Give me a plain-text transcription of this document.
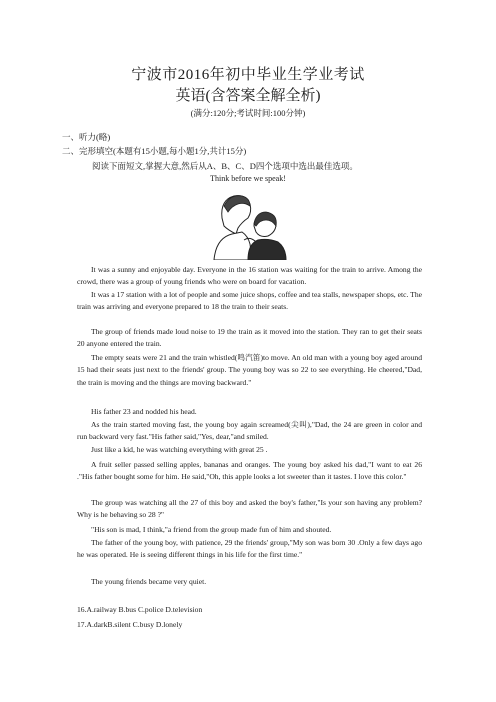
宁波市2016年初中毕业生学业考试
英语(含答案全解全析)
(满分:120分;考试时间:100分钟)
一、听力(略)
二、完形填空(本题有15小题,每小题1分,共计15分)
阅读下面短文,掌握大意,然后从A、B、C、D四个选项中选出最佳选项。
Think before we speak!

It was a sunny and enjoyable day. Everyone in the 16 station was waiting for the train to arrive. Among the crowd, there was a group of young friends who were on board for vacation.

It was a 17 station with a lot of people and some juice shops, coffee and tea stalls, newspaper shops, etc. The train was arriving and everyone prepared to 18 the train to their seats.

The group of friends made loud noise to 19 the train as it moved into the station. They ran to get their seats 20 anyone entered the train.

The empty seats were 21 and the train whistled(鸣汽笛)to move. An old man with a young boy aged around 15 had their seats just next to the friends' group. The young boy was so 22 to see everything. He cheered,"Dad, the train is moving and the things are moving backward."

His father 23 and nodded his head.

As the train started moving fast, the young boy again screamed(尖叫),"Dad, the 24 are green in color and run backward very fast."His father said,"Yes, dear,"and smiled.

Just like a kid, he was watching everything with great 25 .

A fruit seller passed selling apples, bananas and oranges. The young boy asked his dad,"I want to eat 26 ."His father bought some for him. He said,"Oh, this apple looks a lot sweeter than it tastes. I love this color."

The group was watching all the 27 of this boy and asked the boy's father,"Is your son having any problem?Why is he behaving so 28 ?"

"His son is mad, I think,"a friend from the group made fun of him and shouted.

The father of the young boy, with patience, 29 the friends' group,"My son was born 30 .Only a few days ago he was operated. He is seeing different things in his life for the first time."

The young friends became very quiet.

16.A.railway B.bus C.police D.television
17.A.darkB.silent C.busy D.lonely
